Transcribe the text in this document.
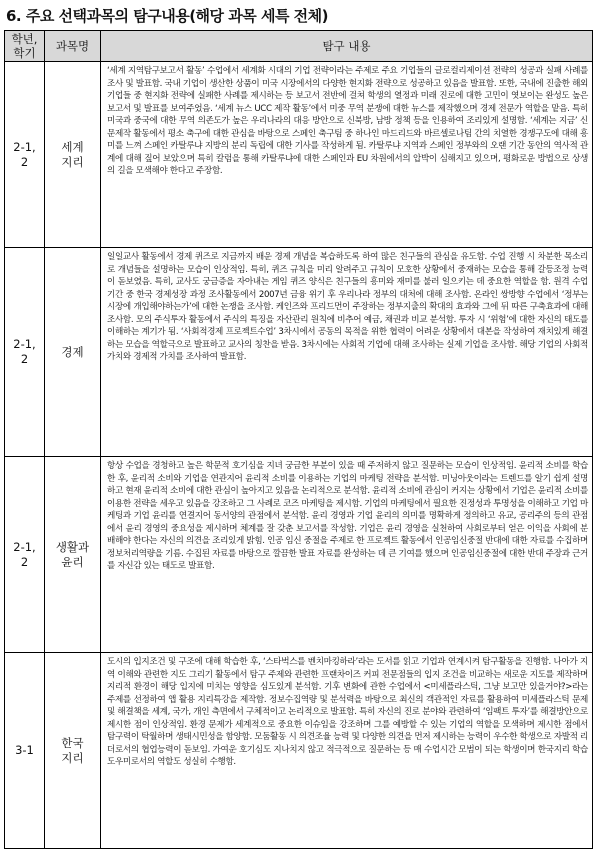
6. 주요 선택과목의 탐구내용(해당 과목 세특 전체)
학년,
학기	과목명	탐구 내용
2-1,
2	세계
지리	‘세계 지역탐구보고서 활동’ 수업에서 세계화 시대의 기업 전략이라는 주제로 주요 기업들의 글로컬리제이션 전략의 성공과 실패 사례를 조사 및 발표함. 국내 기업이 생산한 상품이 미국 시장에서의 다양한 현지화 전략으로 성공하고 있음을 발표함. 또한, 국내에 진출한 해외 기업들 중 현지화 전략에 실패한 사례를 제시하는 등 보고서 전반에 걸쳐 학생의 열정과 미래 진로에 대한 고민이 엿보이는 완성도 높은 보고서 및 발표를 보여주었음. ‘세계 뉴스 UCC 제작 활동’에서 미중 무역 분쟁에 대한 뉴스를 제작했으며 경제 전문가 역할을 맡음. 특히 미국과 중국에 대한 무역 의존도가 높은 우리나라의 대응 방안으로 신북방, 남방 정책 등을 인용하여 조리있게 설명함. ‘세계는 지금’ 신문제작 활동에서 평소 축구에 대한 관심을 바탕으로 스페인 축구팀 중 하나인 마드리드와 바르셀로나팀 간의 치열한 경쟁구도에 대해 흥미를 느껴 스페인 카탈루냐 지방의 분리 독립에 대한 기사를 작성하게 됨. 카탈루냐 지역과 스페인 정부와의 오랜 기간 동안의 역사적 관계에 대해 짚어 보았으며 특히 칼럼을 통해 카탈루냐에 대한 스페인과 EU 차원에서의 압박이 심해지고 있으며, 평화로운 방법으로 상생의 길을 모색해야 한다고 주장함.
2-1,
2	경제	일일교사 활동에서 경제 퀴즈로 지금까지 배운 경제 개념을 복습하도록 하여 많은 친구들의 관심을 유도함. 수업 진행 시 차분한 목소리로 개념들을 설명하는 모습이 인상적임. 특히, 퀴즈 규칙을 미리 알려주고 규칙이 모호한 상황에서 중재하는 모습을 통해 갈등조정 능력이 돋보였음. 특히, 교사도 궁금증을 자아내는 게임 퀴즈 양식은 친구들의 흥미와 재미를 불러 일으키는 데 중요한 역할을 함. 원격 수업 기간 중 한국 경제성장 과정 조사활동에서 2007년 금융 위기 후 우리나라 정부의 대처에 대해 조사함. 온라인 쌍방향 수업에서 ‘정부는 시장에 개입해야하는가’에 대한 논쟁을 조사함. 케인즈와 프리드먼이 주장하는 정부지출의 확대의 효과와 그에 뒤 따른 구축효과에 대해 조사함. 모의 주식투자 활동에서 주식의 특징을 자산관리 원칙에 비추어 예금, 채권과 비교 분석함. 투자 시 ‘위험’에 대한 자신의 태도를 이해하는 계기가 됨. ‘사회적경제 프로젝트수업’ 3차시에서 공동의 목적을 위한 협력이 어려운 상황에서 대본을 작성하여 재치있게 해결하는 모습을 역할극으로 발표하고 교사의 칭찬을 받음. 3차시에는 사회적 기업에 대해 조사하는 실제 기업을 조사함. 해당 기업의 사회적 가치와 경제적 가치를 조사하여 발표함.
2-1,
2	생활과
윤리	항상 수업을 경청하고 높은 학문적 호기심을 지녀 궁금한 부분이 있을 때 주저하지 않고 질문하는 모습이 인상적임. 윤리적 소비를 학습한 후, 윤리적 소비와 기업을 연관지어 윤리적 소비를 이용하는 기업의 마케팅 전략을 분석함. 미닝아웃이라는 트렌드를 알기 쉽게 설명하고 현재 윤리적 소비에 대한 관심이 높아지고 있음을 논리적으로 분석함. 윤리적 소비에 관심이 커지는 상황에서 기업은 윤리적 소비를 이용한 전략을 세우고 있음을 강조하고 그 사례로 코즈 마케팅을 제시함. 기업의 마케팅에서 필요한 진정성과 투명성을 이해하고 기업 마케팅과 기업 윤리를 연결지어 동서양의 관점에서 분석함. 윤리 경영과 기업 윤리의 의미를 명확하게 정의하고 유교, 공리주의 등의 관점에서 윤리 경영의 중요성을 제시하며 체계를 잘 갖춘 보고서를 작성함. 기업은 윤리 경영을 실천하여 사회로부터 얻은 이익을 사회에 분배해야 한다는 자신의 의견을 조리있게 밝힘. 인공 임신 중절을 주제로 한 프로젝트 활동에서 인공임신중절 반대에 대한 자료를 수집하며 정보처리역량을 기름. 수집된 자료를 바탕으로 깔끔한 발표 자료를 완성하는 데 큰 기여를 했으며 인공임신중절에 대한 반대 주장과 근거를 자신감 있는 태도로 발표함.
3-1	한국
지리	도시의 입지조건 및 구조에 대해 학습한 후, ‘스타벅스를 벤치마킹하라’라는 도서를 읽고 기업과 연계시켜 탐구활동을 진행함. 나아가 지역 이해와 관련한 지도 그리기 활동에서 탐구 주제와 관련한 프랜차이즈 커피 전문점들의 입지 조건을 비교하는 새로운 지도를 제작하며 지리적 환경이 해당 입지에 미치는 영향을 심도있게 분석함. 기후 변화에 관한 수업에서 <미세플라스틱, 그냥 보고만 있을거야?>라는 주제를 선정하여 앱 활용 지리특강을 제작함. 정보수집역량 및 분석력을 바탕으로 최신의 객관적인 자료를 활용하여 미세플라스틱 문제 및 해결책을 세계, 국가, 개인 측면에서 구체적이고 논리적으로 발표함. 특히 자신의 진로 분야와 관련하여 ‘임팩트 투자’를 해결방안으로 제시한 점이 인상적임. 환경 문제가 세계적으로 중요한 이슈임을 강조하며 그를 예방할 수 있는 기업의 역할을 모색하며 제시한 점에서 탐구력이 탁월하며 생태시민성을 함양함. 모둠활동 시 의견조율 능력 및 다양한 의견을 먼저 제시하는 능력이 우수한 학생으로 자발적 리더로서의 협업능력이 돋보임. 가여운 호기심도 지나치지 않고 적극적으로 질문하는 등 매 수업시간 모범이 되는 학생이며 한국지리 학습도우미로서의 역할도 성실히 수행함.
